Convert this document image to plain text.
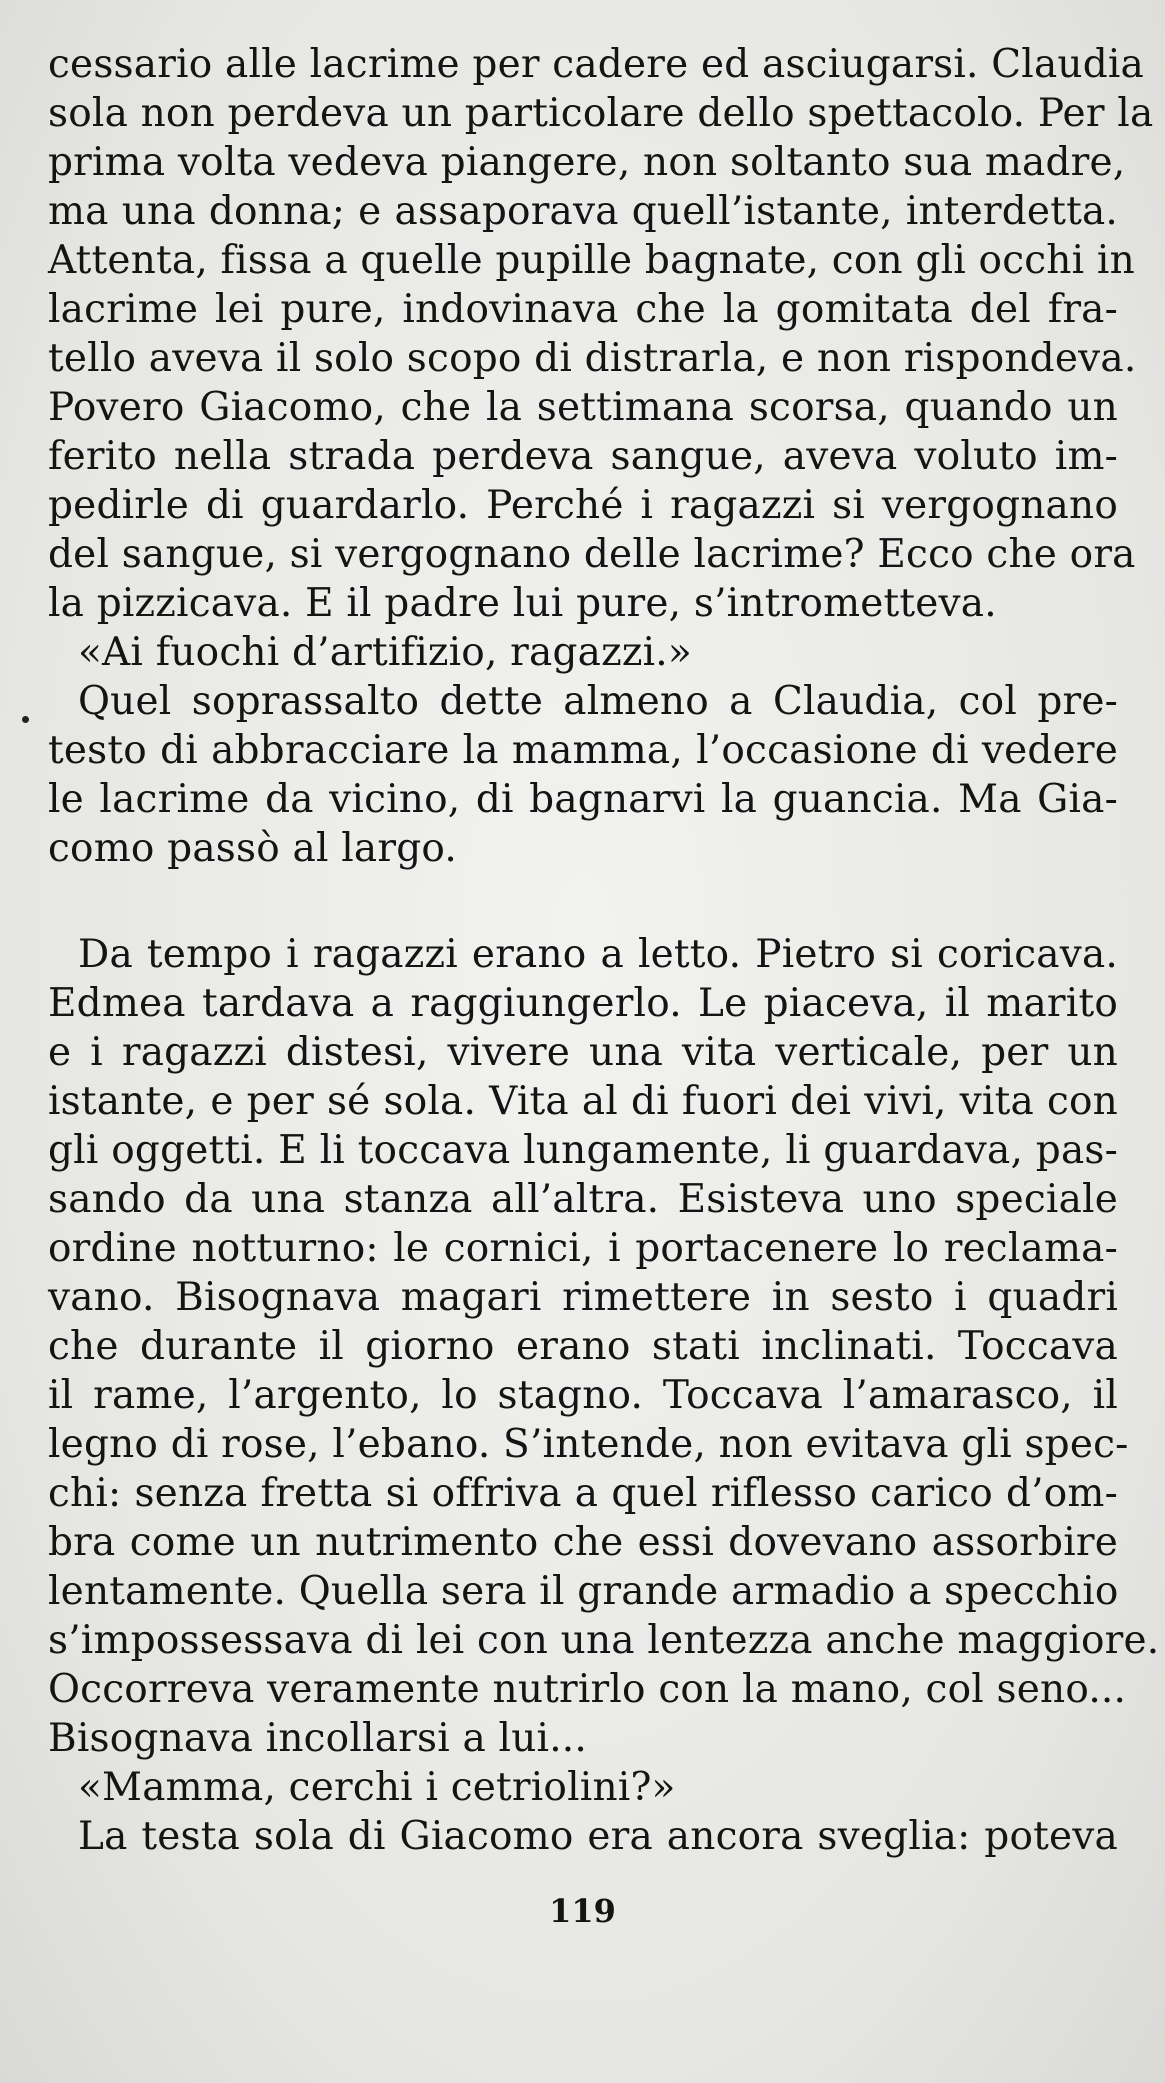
cessario alle lacrime per cadere ed asciugarsi. Claudia
sola non perdeva un particolare dello spettacolo. Per la
prima volta vedeva piangere, non soltanto sua madre,
ma una donna; e assaporava quell’istante, interdetta.
Attenta, fissa a quelle pupille bagnate, con gli occhi in
lacrime lei pure, indovinava che la gomitata del fra-
tello aveva il solo scopo di distrarla, e non rispondeva.
Povero Giacomo, che la settimana scorsa, quando un
ferito nella strada perdeva sangue, aveva voluto im-
pedirle di guardarlo. Perché i ragazzi si vergognano
del sangue, si vergognano delle lacrime? Ecco che ora
la pizzicava. E il padre lui pure, s’intrometteva.
«Ai fuochi d’artifizio, ragazzi.»
Quel soprassalto dette almeno a Claudia, col pre-
testo di abbracciare la mamma, l’occasione di vedere
le lacrime da vicino, di bagnarvi la guancia. Ma Gia-
como passò al largo.
Da tempo i ragazzi erano a letto. Pietro si coricava.
Edmea tardava a raggiungerlo. Le piaceva, il marito
e i ragazzi distesi, vivere una vita verticale, per un
istante, e per sé sola. Vita al di fuori dei vivi, vita con
gli oggetti. E li toccava lungamente, li guardava, pas-
sando da una stanza all’altra. Esisteva uno speciale
ordine notturno: le cornici, i portacenere lo reclama-
vano. Bisognava magari rimettere in sesto i quadri
che durante il giorno erano stati inclinati. Toccava
il rame, l’argento, lo stagno. Toccava l’amarasco, il
legno di rose, l’ebano. S’intende, non evitava gli spec-
chi: senza fretta si offriva a quel riflesso carico d’om-
bra come un nutrimento che essi dovevano assorbire
lentamente. Quella sera il grande armadio a specchio
s’impossessava di lei con una lentezza anche maggiore.
Occorreva veramente nutrirlo con la mano, col seno...
Bisognava incollarsi a lui...
«Mamma, cerchi i cetriolini?»
La testa sola di Giacomo era ancora sveglia: poteva
119
